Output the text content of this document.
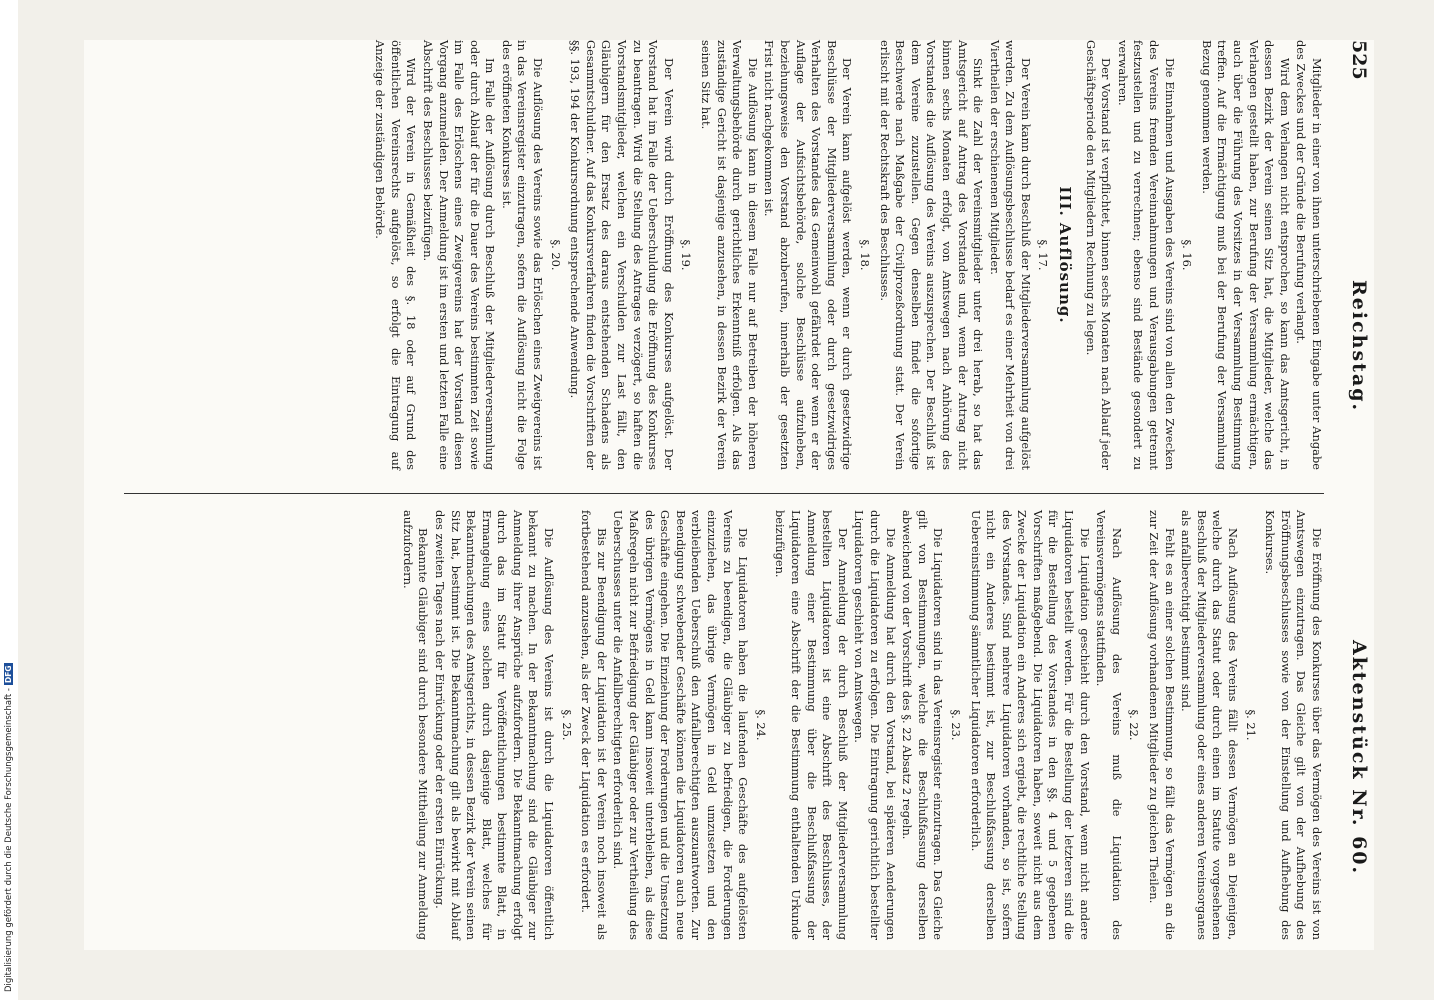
Digitalisierung gefördert durch die Deutsche Forschungsgemeinschaft -DFG
525
Reichstag.
Aktenstück Nr. 60.

Mitglieder in einer von ihnen unterschriebenen Eingabe unter Angabe des Zweckes und der Gründe die Berufung verlangt.

Wird dem Verlangen nicht entsprochen, so kann das Amtsgericht, in dessen Bezirk der Verein seinen Sitz hat, die Mitglieder, welche das Verlangen gestellt haben, zur Berufung der Versammlung ermächtigen, auch über die Führung des Vorsitzes in der Versammlung Bestimmung treffen. Auf die Ermächtigung muß bei der Berufung der Versammlung Bezug genommen werden.

§. 16.

Die Einnahmen und Ausgaben des Vereins sind von allen den Zwecken des Vereins fremden Vereinnahmungen und Verausgabungen getrennt festzustellen und zu verrechnen; ebenso sind Bestände gesondert zu verwahren.

Der Vorstand ist verpflichtet, binnen sechs Monaten nach Ablauf jeder Geschäftsperiode den Mitgliedern Rechnung zu legen.

III. Auflösung.

§. 17.

Der Verein kann durch Beschluß der Mitgliederversammlung aufgelöst werden. Zu dem Auflösungsbeschlusse bedarf es einer Mehrheit von drei Viertheilen der erschienenen Mitglieder.

Sinkt die Zahl der Vereinsmitglieder unter drei herab, so hat das Amtsgericht auf Antrag des Vorstandes und, wenn der Antrag nicht binnen sechs Monaten erfolgt, von Amtswegen nach Anhörung des Vorstandes die Auflösung des Vereins auszusprechen. Der Beschluß ist dem Vereine zuzustellen. Gegen denselben findet die sofortige Beschwerde nach Maßgabe der Civilprozeßordnung statt. Der Verein erlischt mit der Rechtskraft des Beschlusses.

§. 18.

Der Verein kann aufgelöst werden, wenn er durch gesetzwidrige Beschlüsse der Mitgliederversammlung oder durch gesetzwidriges Verhalten des Vorstandes das Gemeinwohl gefährdet oder wenn er der Auflage der Aufsichtsbehörde, solche Beschlüsse aufzuheben, beziehungsweise den Vorstand abzuberufen, innerhalb der gesetzten Frist nicht nachgekommen ist.

Die Auflösung kann in diesem Falle nur auf Betreiben der höheren Verwaltungsbehörde durch gerichtliches Erkenntniß erfolgen. Als das zuständige Gericht ist dasjenige anzusehen, in dessen Bezirk der Verein seinen Sitz hat.

§. 19.

Der Verein wird durch Eröffnung des Konkurses aufgelöst. Der Vorstand hat im Falle der Ueberschuldung die Eröffnung des Konkurses zu beantragen. Wird die Stellung des Antrages verzögert, so haften die Vorstandsmitglieder, welchen ein Verschulden zur Last fällt, den Gläubigern für den Ersatz des daraus entstehenden Schadens als Gesammtschuldner. Auf das Konkursverfahren finden die Vorschriften der §§. 193, 194 der Konkursordnung entsprechende Anwendung.

§. 20.

Die Auflösung des Vereins sowie das Erlöschen eines Zweigvereins ist in das Vereinsregister einzutragen, sofern die Auflösung nicht die Folge des eröffneten Konkurses ist.

Im Falle der Auflösung durch Beschluß der Mitgliederversammlung oder durch Ablauf der für die Dauer des Vereins bestimmten Zeit sowie im Falle des Erlöschens eines Zweigvereins hat der Vorstand diesen Vorgang anzumelden. Der Anmeldung ist im ersten und letzten Falle eine Abschrift des Beschlusses beizufügen.

Wird der Verein in Gemäßheit des §. 18 oder auf Grund des öffentlichen Vereinsrechts aufgelöst, so erfolgt die Eintragung auf Anzeige der zuständigen Behörde.

Die Eröffnung des Konkurses über das Vermögen des Vereins ist von Amtswegen einzutragen. Das Gleiche gilt von der Aufhebung des Eröffnungsbeschlusses sowie von der Einstellung und Aufhebung des Konkurses.

§. 21.

Nach Auflösung des Vereins fällt dessen Vermögen an Diejenigen, welche durch das Statut oder durch einen im Statute vorgesehenen Beschluß der Mitgliederversammlung oder eines anderen Vereinsorganes als anfallberechtigt bestimmt sind.

Fehlt es an einer solchen Bestimmung, so fällt das Vermögen an die zur Zeit der Auflösung vorhandenen Mitglieder zu gleichen Theilen.

§. 22.

Nach Auflösung des Vereins muß die Liquidation des Vereinsvermögens stattfinden.

Die Liquidation geschieht durch den Vorstand, wenn nicht andere Liquidatoren bestellt werden. Für die Bestellung der letzteren sind die für die Bestellung des Vorstandes in den §§. 4 und 5 gegebenen Vorschriften maßgebend. Die Liquidatoren haben, soweit nicht aus dem Zwecke der Liquidation ein Anderes sich ergiebt, die rechtliche Stellung des Vorstandes. Sind mehrere Liquidatoren vorhanden, so ist, sofern nicht ein Anderes bestimmt ist, zur Beschlußfassung derselben Uebereinstimmung sämmtlicher Liquidatoren erforderlich.

§. 23.

Die Liquidatoren sind in das Vereinsregister einzutragen. Das Gleiche gilt von Bestimmungen, welche die Beschlußfassung derselben abweichend von der Vorschrift des §. 22 Absatz 2 regeln.

Die Anmeldung hat durch den Vorstand, bei späteren Aenderungen durch die Liquidatoren zu erfolgen. Die Eintragung gerichtlich bestellter Liquidatoren geschieht von Amtswegen.

Der Anmeldung der durch Beschluß der Mitgliederversammlung bestellten Liquidatoren ist eine Abschrift des Beschlusses, der Anmeldung einer Bestimmung über die Beschlußfassung der Liquidatoren eine Abschrift der die Bestimmung enthaltenden Urkunde beizufügen.

§. 24.

Die Liquidatoren haben die laufenden Geschäfte des aufgelösten Vereins zu beendigen, die Gläubiger zu befriedigen, die Forderungen einzuziehen, das übrige Vermögen in Geld umzusetzen und den verbleibenden Ueberschuß den Anfallberechtigten auszuantworten. Zur Beendigung schwebender Geschäfte können die Liquidatoren auch neue Geschäfte eingehen. Die Einziehung der Forderungen und die Umsetzung des übrigen Vermögens in Geld kann insoweit unterbleiben, als diese Maßregeln nicht zur Befriedigung der Gläubiger oder zur Vertheilung des Ueberschusses unter die Anfallberechtigten erforderlich sind.

Bis zur Beendigung der Liquidation ist der Verein noch insoweit als fortbestehend anzusehen, als der Zweck der Liquidation es erfordert.

§. 25.

Die Auflösung des Vereins ist durch die Liquidatoren öffentlich bekannt zu machen. In der Bekanntmachung sind die Gläubiger zur Anmeldung ihrer Ansprüche aufzufordern. Die Bekanntmachung erfolgt durch das im Statut für Veröffentlichungen bestimmte Blatt, in Ermangelung eines solchen durch dasjenige Blatt, welches für Bekanntmachungen des Amtsgerichts, in dessen Bezirk der Verein seinen Sitz hat, bestimmt ist. Die Bekanntmachung gilt als bewirkt mit Ablauf des zweiten Tages nach der Einrückung oder der ersten Einrückung.

Bekannte Gläubiger sind durch besondere Mittheilung zur Anmeldung aufzufordern.
